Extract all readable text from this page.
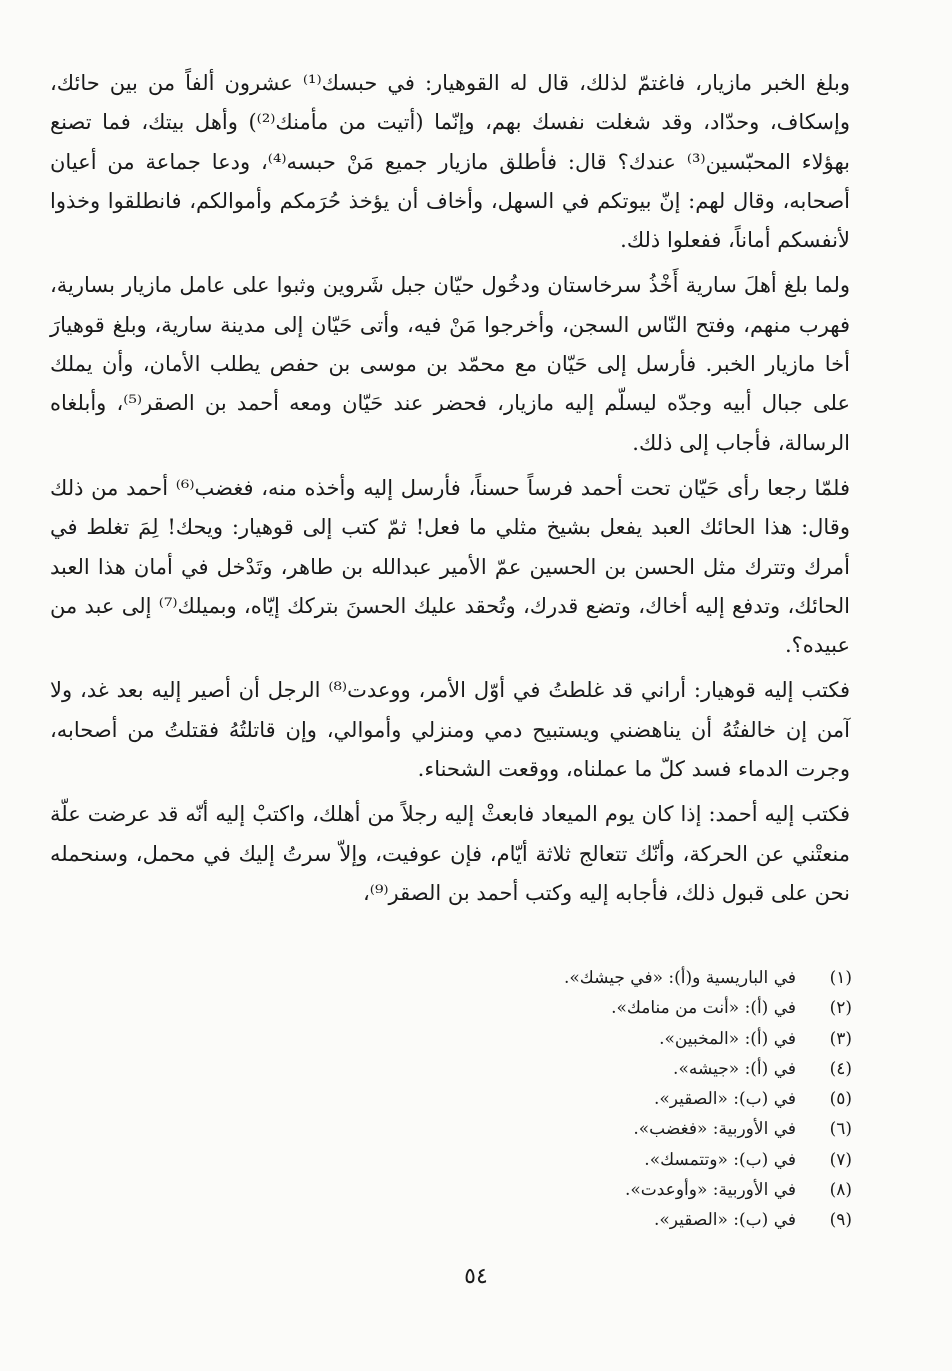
وبلغ الخبر مازيار، فاغتمّ لذلك، قال له القوهيار: في حبسك⁽¹⁾ عشرون ألفاً من بين حائك، وإسكاف، وحدّاد، وقد شغلت نفسك بهم، وإنّما (أتيت من مأمنك⁽²⁾) وأهل بيتك، فما تصنع بهؤلاء المحبّسين⁽³⁾ عندك؟ قال: فأطلق مازيار جميع مَنْ حبسه⁽⁴⁾، ودعا جماعة من أعيان أصحابه، وقال لهم: إنّ بيوتكم في السهل، وأخاف أن يؤخذ حُرَمكم وأموالكم، فانطلقوا وخذوا لأنفسكم أماناً، ففعلوا ذلك.

ولما بلغ أهلَ سارية أَخْذُ سرخاستان ودخُول حيّان جبل شَروين وثبوا على عامل مازيار بسارية، فهرب منهم، وفتح النّاس السجن، وأخرجوا مَنْ فيه، وأتى حَيّان إلى مدينة سارية، وبلغ قوهيارَ أخا مازيار الخبر. فأرسل إلى حَيّان مع محمّد بن موسى بن حفص يطلب الأمان، وأن يملك على جبال أبيه وجدّه ليسلّم إليه مازيار، فحضر عند حَيّان ومعه أحمد بن الصقر⁽⁵⁾، وأبلغاه الرسالة، فأجاب إلى ذلك.

فلمّا رجعا رأى حَيّان تحت أحمد فرساً حسناً، فأرسل إليه وأخذه منه، فغضب⁽⁶⁾ أحمد من ذلك وقال: هذا الحائك العبد يفعل بشيخ مثلي ما فعل! ثمّ كتب إلى قوهيار: ويحك! لِمَ تغلط في أمرك وتترك مثل الحسن بن الحسين عمّ الأمير عبدالله بن طاهر، وتَدْخل في أمان هذا العبد الحائك، وتدفع إليه أخاك، وتضع قدرك، وتُحقد عليك الحسنَ بتركك إيّاه، وبميلك⁽⁷⁾ إلى عبد من عبيده؟.

فكتب إليه قوهيار: أراني قد غلطتُ في أوّل الأمر، ووعدت⁽⁸⁾ الرجل أن أصير إليه بعد غد، ولا آمن إن خالفتُهُ أن يناهضني ويستبيح دمي ومنزلي وأموالي، وإن قاتلتُهُ فقتلتُ من أصحابه، وجرت الدماء فسد كلّ ما عملناه، ووقعت الشحناء.

فكتب إليه أحمد: إذا كان يوم الميعاد فابعثْ إليه رجلاً من أهلك، واكتبْ إليه أنّه قد عرضت علّة منعتْني عن الحركة، وأنّك تتعالج ثلاثة أيّام، فإن عوفيت، وإلاّ سرتُ إليك في محمل، وسنحمله نحن على قبول ذلك، فأجابه إليه وكتب أحمد بن الصقر⁽⁹⁾،

(١)
في الباريسية و(أ): «في جيشك».
(٢)
في (أ): «أنت من منامك».
(٣)
في (أ): «المخبين».
(٤)
في (أ): «جيشه».
(٥)
في (ب): «الصقير».
(٦)
في الأوربية: «فغضب».
(٧)
في (ب): «وتتمسك».
(٨)
في الأوربية: «وأوعدت».
(٩)
في (ب): «الصقير».
٥٤
